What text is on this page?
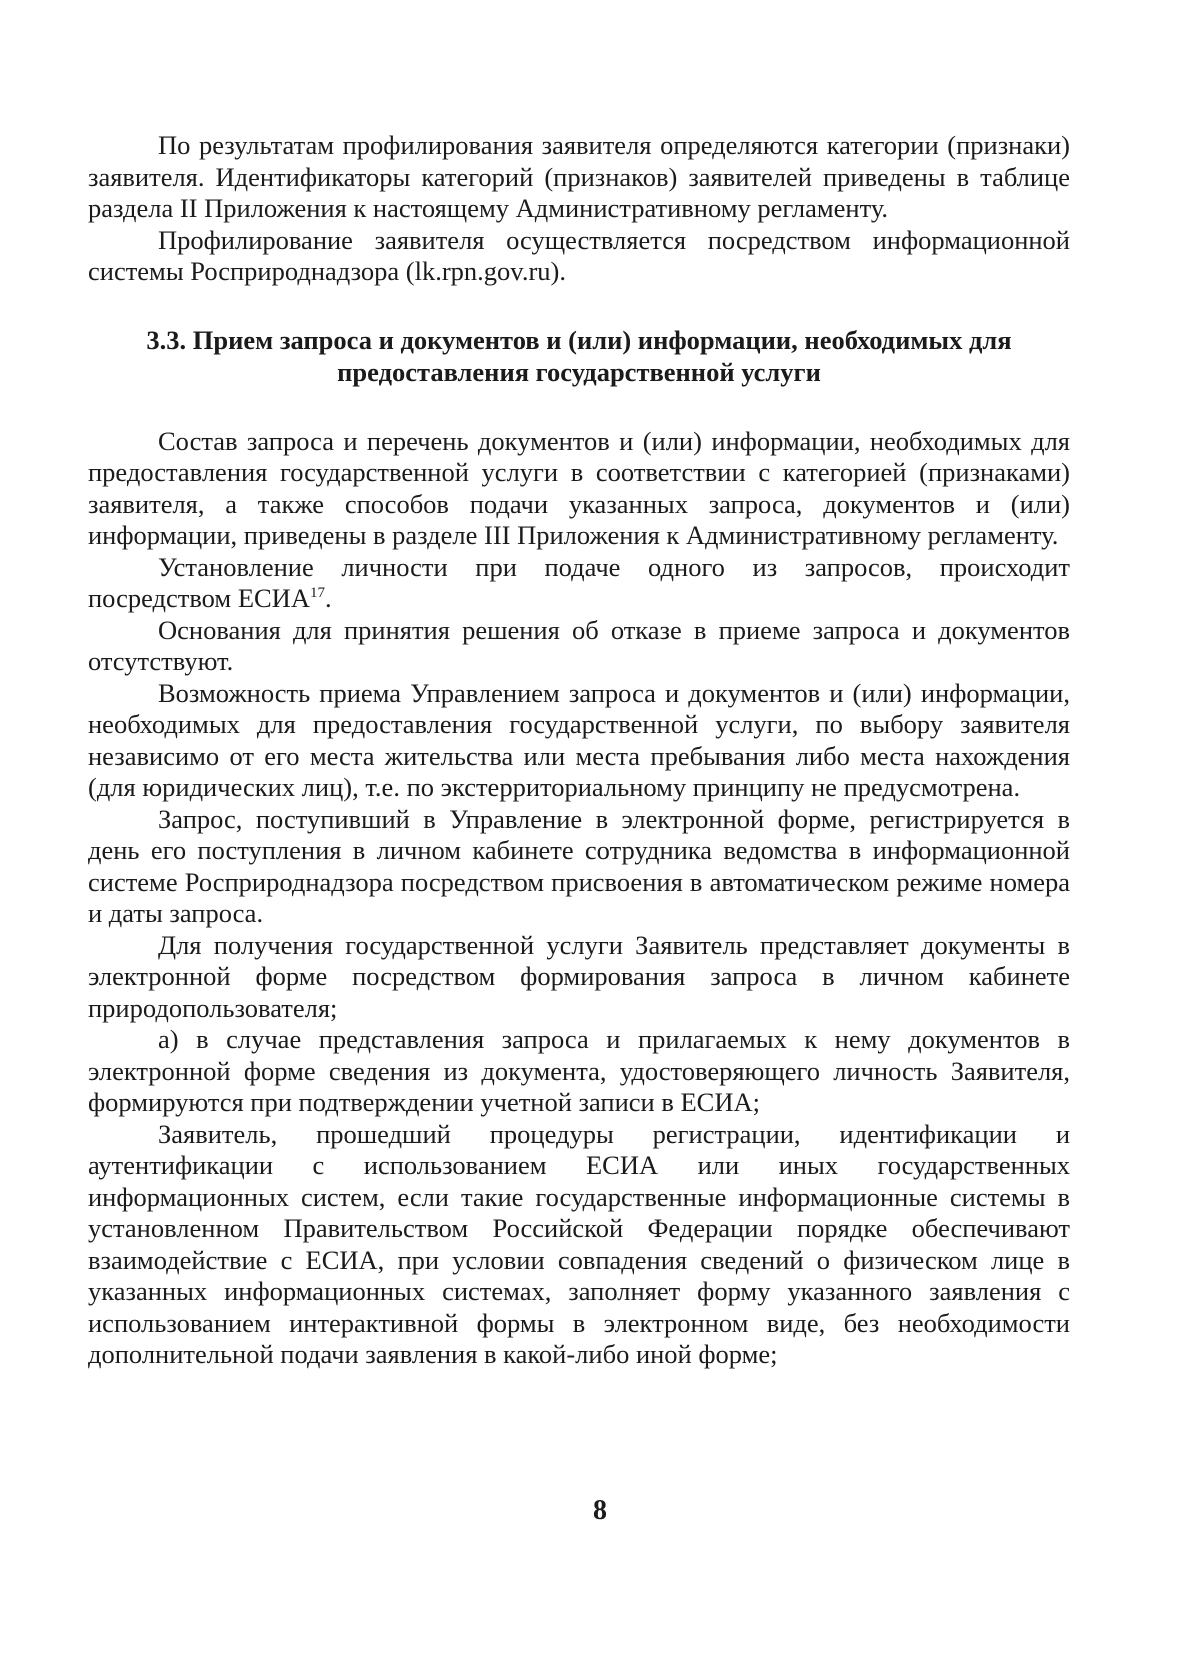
По результатам профилирования заявителя определяются категории (признаки) заявителя. Идентификаторы категорий (признаков) заявителей приведены в таблице раздела II Приложения к настоящему Административному регламенту.

Профилирование заявителя осуществляется посредством информационной системы Росприроднадзора (lk.rpn.gov.ru).

3.3. Прием запроса и документов и (или) информации, необходимых для предоставления государственной услуги

Состав запроса и перечень документов и (или) информации, необходимых для предоставления государственной услуги в соответствии с категорией (признаками) заявителя, а также способов подачи указанных запроса, документов и (или) информации, приведены в разделе III Приложения к Административному регламенту.

Установление личности при подаче одного из запросов, происходит посредством ЕСИА$^{17}$.

Основания для принятия решения об отказе в приеме запроса и документов отсутствуют.

Возможность приема Управлением запроса и документов и (или) информации, необходимых для предоставления государственной услуги, по выбору заявителя независимо от его места жительства или места пребывания либо места нахождения (для юридических лиц), т.е. по экстерриториальному принципу не предусмотрена.

Запрос, поступивший в Управление в электронной форме, регистрируется в день его поступления в личном кабинете сотрудника ведомства в информационной системе Росприроднадзора посредством присвоения в автоматическом режиме номера и даты запроса.

Для получения государственной услуги Заявитель представляет документы в электронной форме посредством формирования запроса в личном кабинете природопользователя;

а) в случае представления запроса и прилагаемых к нему документов в электронной форме сведения из документа, удостоверяющего личность Заявителя, формируются при подтверждении учетной записи в ЕСИА;

Заявитель, прошедший процедуры регистрации, идентификации и аутентификации с использованием ЕСИА или иных государственных информационных систем, если такие государственные информационные системы в установленном Правительством Российской Федерации порядке обеспечивают взаимодействие с ЕСИА, при условии совпадения сведений о физическом лице в указанных информационных системах, заполняет форму указанного заявления с использованием интерактивной формы в электронном виде, без необходимости дополнительной подачи заявления в какой-либо иной форме;

8
